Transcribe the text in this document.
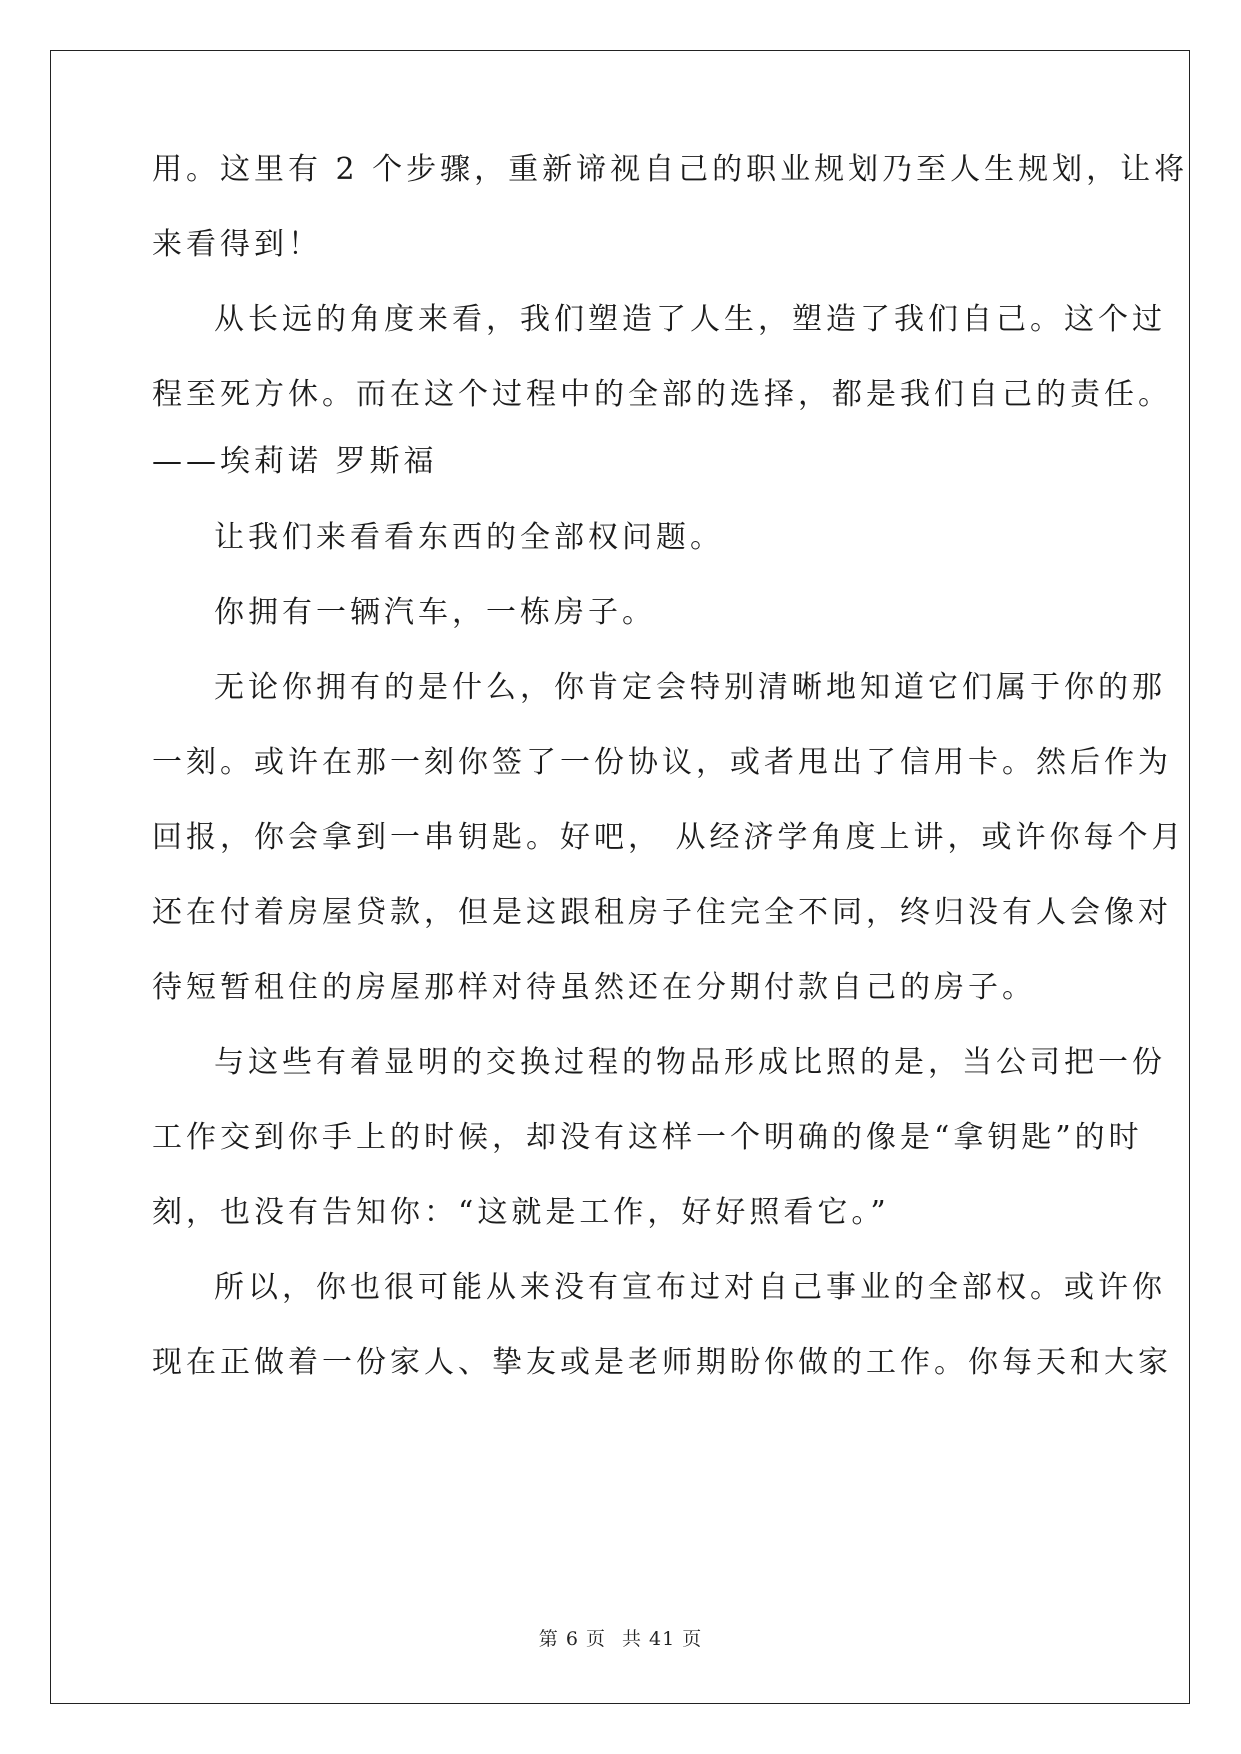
用。这里有 2 个步骤，重新谛视自己的职业规划乃至人生规划，让将
来看得到！
从长远的角度来看，我们塑造了人生，塑造了我们自己。这个过
程至死方休。而在这个过程中的全部的选择，都是我们自己的责任。
——埃莉诺 罗斯福
让我们来看看东西的全部权问题。
你拥有一辆汽车，一栋房子。
无论你拥有的是什么，你肯定会特别清晰地知道它们属于你的那
一刻。或许在那一刻你签了一份协议，或者甩出了信用卡。然后作为
回报，你会拿到一串钥匙。好吧， 从经济学角度上讲，或许你每个月
还在付着房屋贷款，但是这跟租房子住完全不同，终归没有人会像对
待短暂租住的房屋那样对待虽然还在分期付款自己的房子。
与这些有着显明的交换过程的物品形成比照的是，当公司把一份
工作交到你手上的时候，却没有这样一个明确的像是“拿钥匙”的时
刻，也没有告知你：“这就是工作，好好照看它。”
所以，你也很可能从来没有宣布过对自己事业的全部权。或许你
现在正做着一份家人、挚友或是老师期盼你做的工作。你每天和大家
第 6 页 共 41 页
